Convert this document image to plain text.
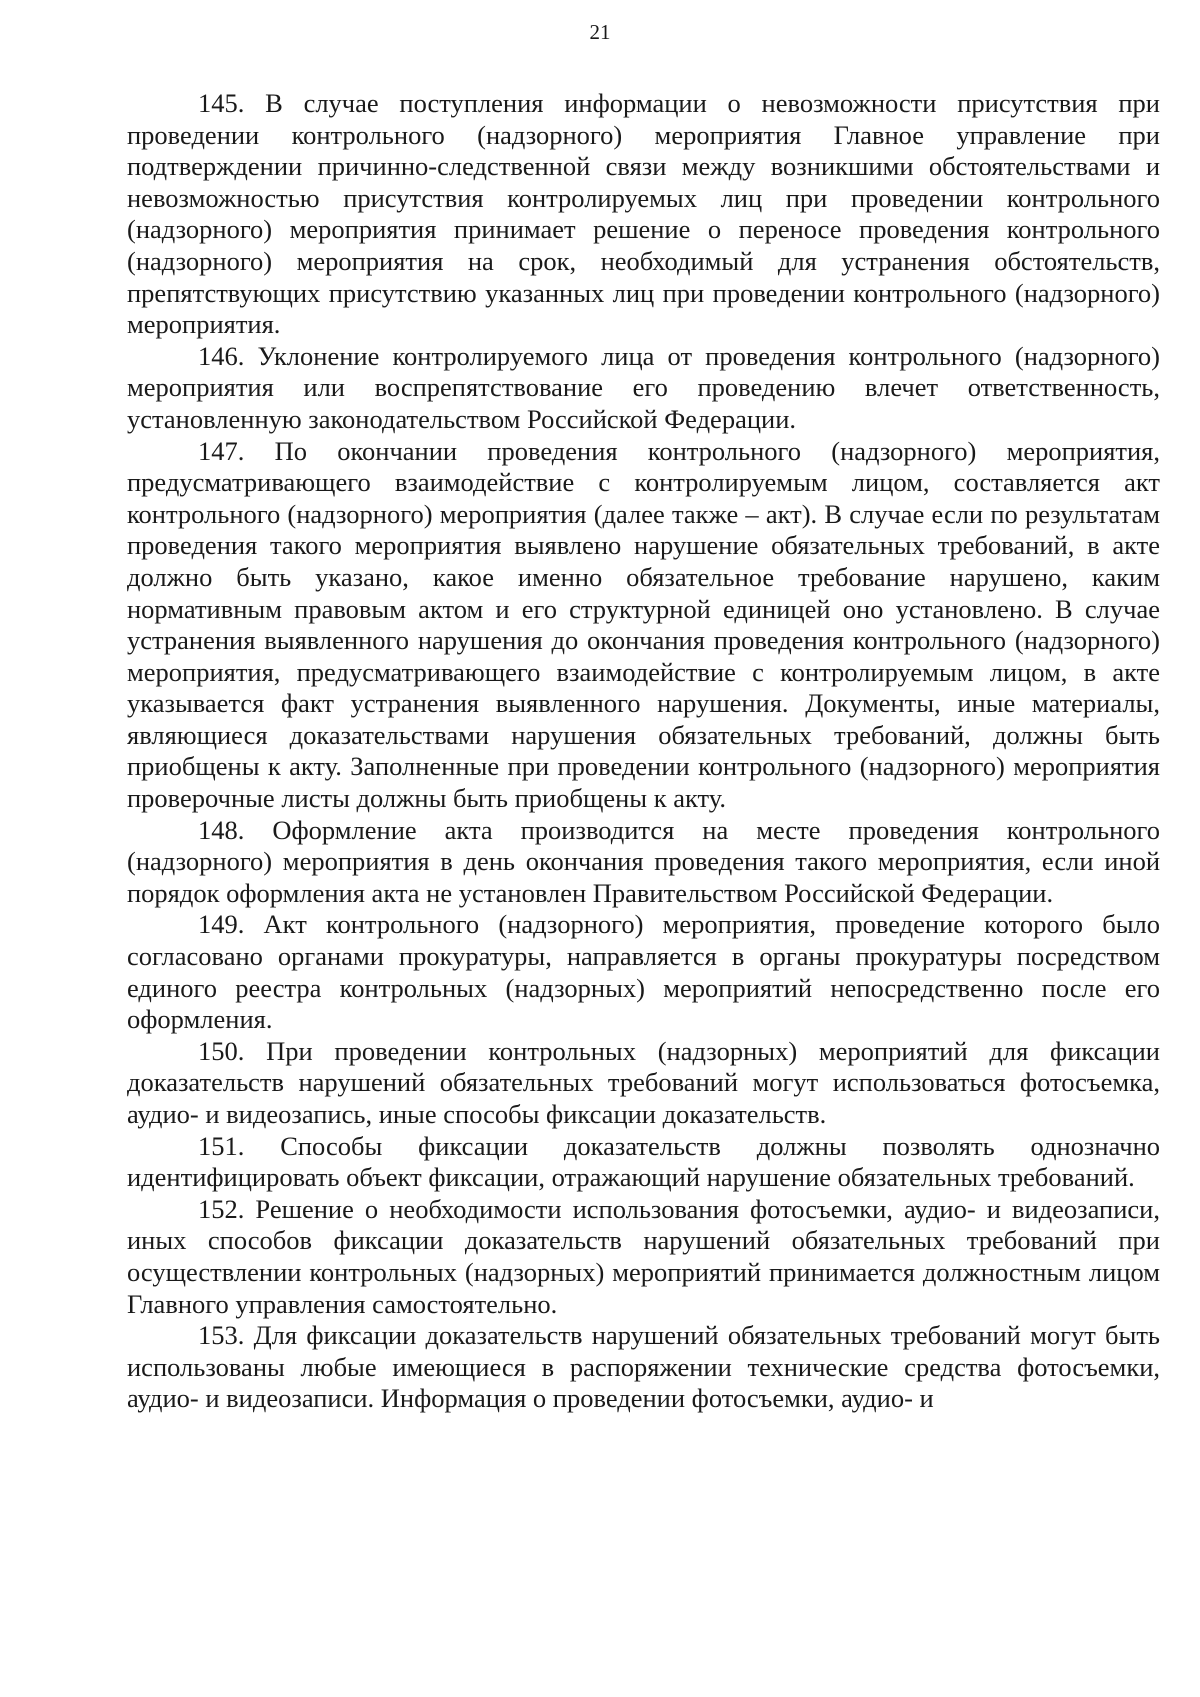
21

145. В случае поступления информации о невозможности присутствия при проведении контрольного (надзорного) мероприятия Главное управление при подтверждении причинно-следственной связи между возникшими обстоятельствами и невозможностью присутствия контролируемых лиц при проведении контрольного (надзорного) мероприятия принимает решение о переносе проведения контрольного (надзорного) мероприятия на срок, необходимый для устранения обстоятельств, препятствующих присутствию указанных лиц при проведении контрольного (надзорного) мероприятия.

146. Уклонение контролируемого лица от проведения контрольного (надзорного) мероприятия или воспрепятствование его проведению влечет ответственность, установленную законодательством Российской Федерации.

147. По окончании проведения контрольного (надзорного) мероприятия, предусматривающего взаимодействие с контролируемым лицом, составляется акт контрольного (надзорного) мероприятия (далее также – акт). В случае если по результатам проведения такого мероприятия выявлено нарушение обязательных требований, в акте должно быть указано, какое именно обязательное требование нарушено, каким нормативным правовым актом и его структурной единицей оно установлено. В случае устранения выявленного нарушения до окончания проведения контрольного (надзорного) мероприятия, предусматривающего взаимодействие с контролируемым лицом, в акте указывается факт устранения выявленного нарушения. Документы, иные материалы, являющиеся доказательствами нарушения обязательных требований, должны быть приобщены к акту. Заполненные при проведении контрольного (надзорного) мероприятия проверочные листы должны быть приобщены к акту.

148. Оформление акта производится на месте проведения контрольного (надзорного) мероприятия в день окончания проведения такого мероприятия, если иной порядок оформления акта не установлен Правительством Российской Федерации.

149. Акт контрольного (надзорного) мероприятия, проведение которого было согласовано органами прокуратуры, направляется в органы прокуратуры посредством единого реестра контрольных (надзорных) мероприятий непосредственно после его оформления.

150. При проведении контрольных (надзорных) мероприятий для фиксации доказательств нарушений обязательных требований могут использоваться фотосъемка, аудио- и видеозапись, иные способы фиксации доказательств.

151. Способы фиксации доказательств должны позволять однозначно идентифицировать объект фиксации, отражающий нарушение обязательных требований.

152. Решение о необходимости использования фотосъемки, аудио- и видеозаписи, иных способов фиксации доказательств нарушений обязательных требований при осуществлении контрольных (надзорных) мероприятий принимается должностным лицом Главного управления самостоятельно.

153. Для фиксации доказательств нарушений обязательных требований могут быть использованы любые имеющиеся в распоряжении технические средства фотосъемки, аудио- и видеозаписи. Информация о проведении фотосъемки, аудио- и
